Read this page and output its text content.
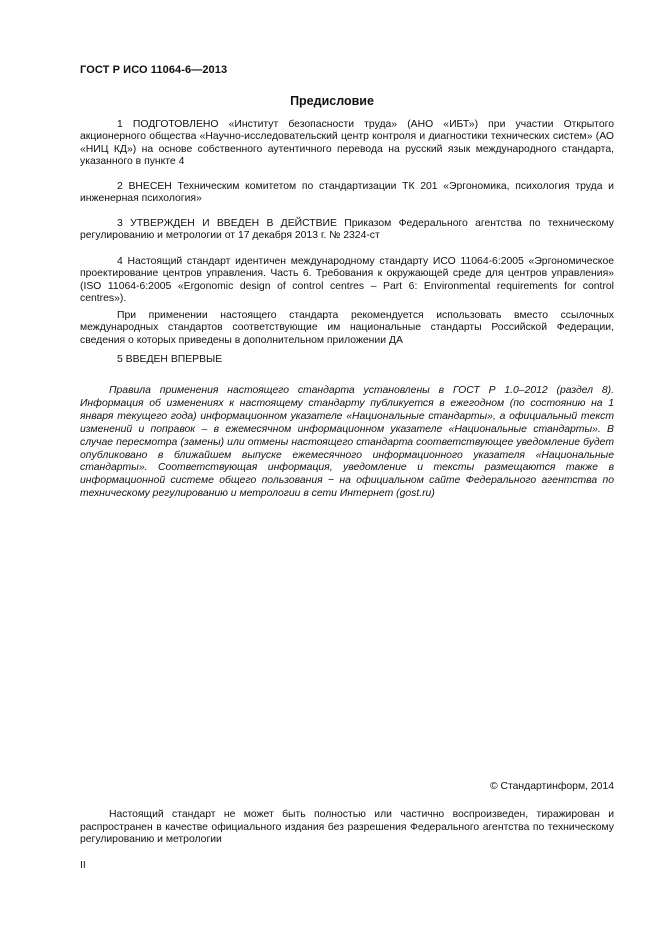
ГОСТ Р ИСО 11064-6—2013
Предисловие

1 ПОДГОТОВЛЕНО «Институт безопасности труда» (АНО «ИБТ») при участии Открытого акционерного общества «Научно-исследовательский центр контроля и диагностики технических систем» (АО «НИЦ КД») на основе собственного аутентичного перевода на русский язык международного стандарта, указанного в пункте 4

2 ВНЕСЕН Техническим комитетом по стандартизации ТК 201 «Эргономика, психология труда и инженерная психология»

3 УТВЕРЖДЕН И ВВЕДЕН В ДЕЙСТВИЕ Приказом Федерального агентства по техническому регулированию и метрологии от 17 декабря 2013 г. № 2324-ст

4 Настоящий стандарт идентичен международному стандарту ИСО 11064-6:2005 «Эргономическое проектирование центров управления. Часть 6. Требования к окружающей среде для центров управления» (ISO 11064-6:2005 «Ergonomic design of control centres – Part 6: Environmental requirements for control centres»).

При применении настоящего стандарта рекомендуется использовать вместо ссылочных международных стандартов соответствующие им национальные стандарты Российской Федерации, сведения о которых приведены в дополнительном приложении ДА

5 ВВЕДЕН ВПЕРВЫЕ

Правила применения настоящего стандарта установлены в ГОСТ Р 1.0–2012 (раздел 8). Информация об изменениях к настоящему стандарту публикуется в ежегодном (по состоянию на 1 января текущего года) информационном указателе «Национальные стандарты», а официальный текст изменений и поправок – в ежемесячном информационном указателе «Национальные стандарты». В случае пересмотра (замены) или отмены настоящего стандарта соответствующее уведомление будет опубликовано в ближайшем выпуске ежемесячного информационного указателя «Национальные стандарты». Соответствующая информация, уведомление и тексты размещаются также в информационной системе общего пользования − на официальном сайте Федерального агентства по техническому регулированию и метрологии в сети Интернет (gost.ru)

© Стандартинформ, 2014

Настоящий стандарт не может быть полностью или частично воспроизведен, тиражирован и распространен в качестве официального издания без разрешения Федерального агентства по техническому регулированию и метрологии

II
